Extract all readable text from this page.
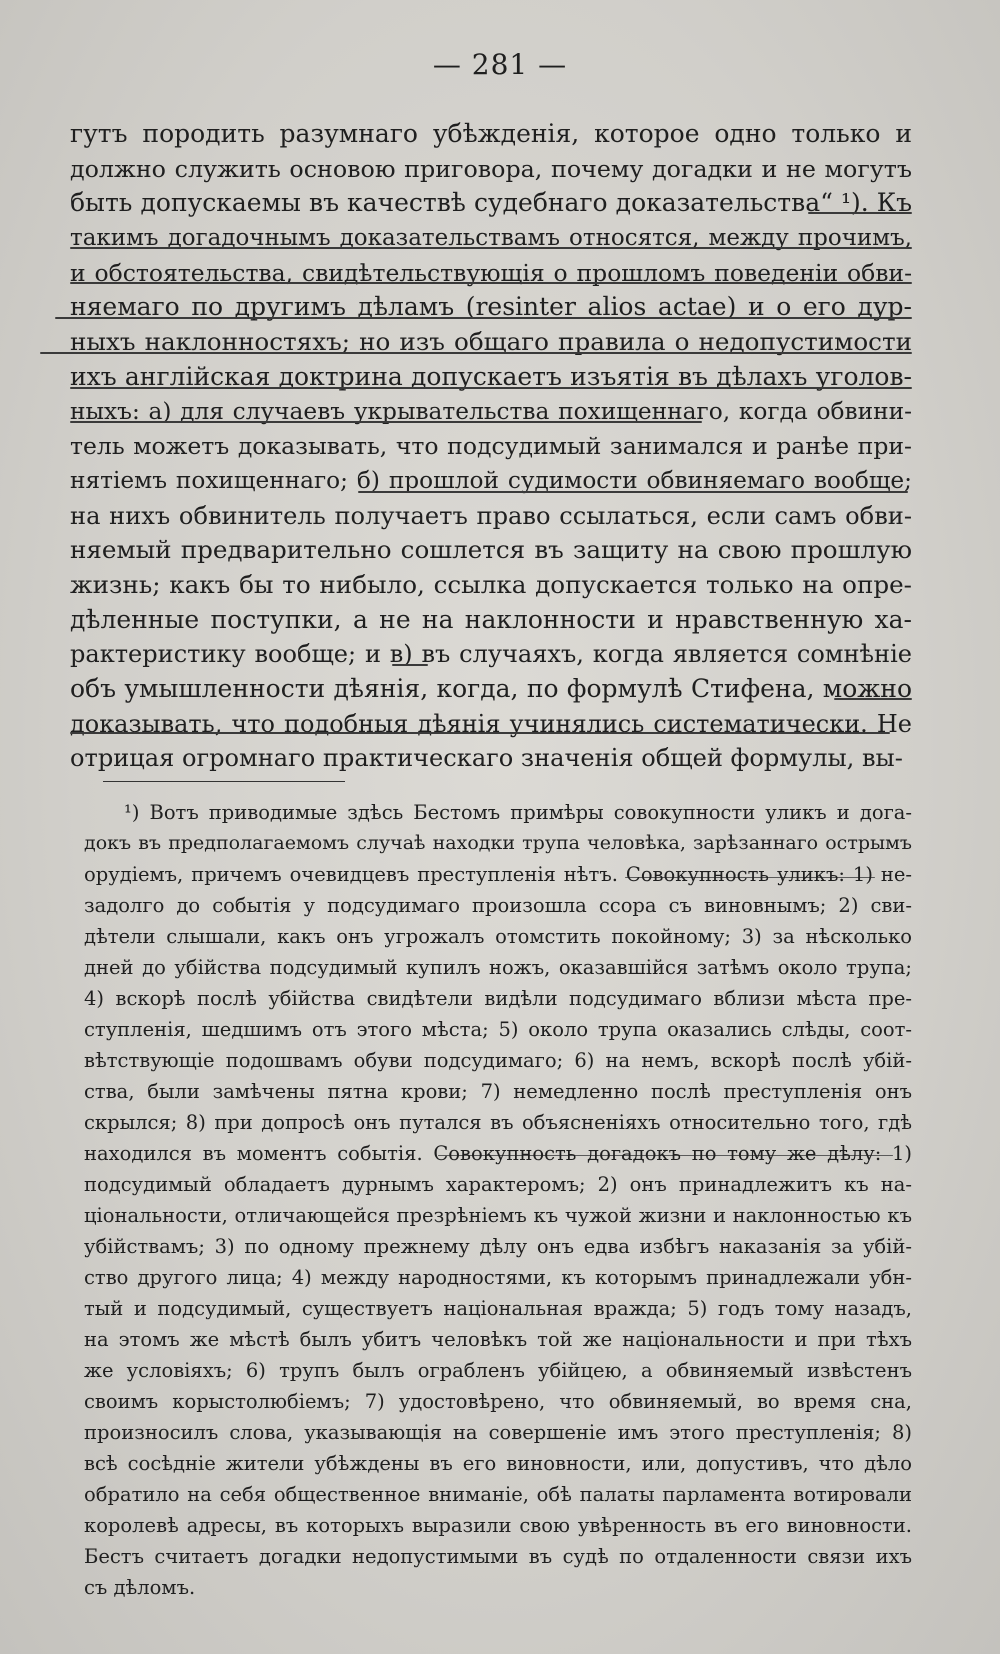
— 281 —
гутъ породить разумнаго убѣжденія, которое одно только и
должно служить основою приговора, почему догадки и не могутъ
быть допускаемы въ качествѣ судебнаго доказательства“ ¹). Къ
такимъ догадочнымъ доказательствамъ относятся, между прочимъ,
и обстоятельства, свидѣтельствующія о прошломъ поведеніи обви-
няемаго по другимъ дѣламъ (resinter alios actae) и о его дур-
ныхъ наклонностяхъ; но изъ общаго правила о недопустимости
ихъ англійская доктрина допускаетъ изъятія въ дѣлахъ уголов-
ныхъ: а) для случаевъ укрывательства похищеннаго, когда обвини-
тель можетъ доказывать, что подсудимый занимался и ранѣе при-
нятіемъ похищеннаго; б) прошлой судимости обвиняемаго вообще;
на нихъ обвинитель получаетъ право ссылаться, если самъ обви-
няемый предварительно сошлется въ защиту на свою прошлую
жизнь; какъ бы то нибыло, ссылка допускается только на опре-
дѣленные поступки, а не на наклонности и нравственную ха-
рактеристику вообще; и в) въ случаяхъ, когда является сомнѣніе
объ умышленности дѣянія, когда, по формулѣ Стифена, можно
доказывать, что подобныя дѣянія учинялись систематически. Не
отрицая огромнаго практическаго значенія общей формулы, вы-
¹) Вотъ приводимые здѣсь Бестомъ примѣры совокупности уликъ и дога-
докъ въ предполагаемомъ случаѣ находки трупа человѣка, зарѣзаннаго острымъ
орудіемъ, причемъ очевидцевъ преступленія нѣтъ. Совокупность уликъ: 1) не-
задолго до событія у подсудимаго произошла ссора съ виновнымъ; 2) сви-
дѣтели слышали, какъ онъ угрожалъ отомстить покойному; 3) за нѣсколько
дней до убійства подсудимый купилъ ножъ, оказавшійся затѣмъ около трупа;
4) вскорѣ послѣ убійства свидѣтели видѣли подсудимаго вблизи мѣста пре-
ступленія, шедшимъ отъ этого мѣста; 5) около трупа оказались слѣды, соот-
вѣтствующіе подошвамъ обуви подсудимаго; 6) на немъ, вскорѣ послѣ убій-
ства, были замѣчены пятна крови; 7) немедленно послѣ преступленія онъ
скрылся; 8) при допросѣ онъ путался въ объясненіяхъ относительно того, гдѣ
находился въ моментъ событія. Совокупность догадокъ по тому же дѣлу: 1)
подсудимый обладаетъ дурнымъ характеромъ; 2) онъ принадлежитъ къ на-
ціональности, отличающейся презрѣніемъ къ чужой жизни и наклонностью къ
убійствамъ; 3) по одному прежнему дѣлу онъ едва избѣгъ наказанія за убій-
ство другого лица; 4) между народностями, къ которымъ принадлежали убн-
тый и подсудимый, существуетъ національная вражда; 5) годъ тому назадъ,
на этомъ же мѣстѣ былъ убитъ человѣкъ той же національности и при тѣхъ
же условіяхъ; 6) трупъ былъ ограбленъ убійцею, а обвиняемый извѣстенъ
своимъ корыстолюбіемъ; 7) удостовѣрено, что обвиняемый, во время сна,
произносилъ слова, указывающія на совершеніе имъ этого преступленія; 8)
всѣ сосѣдніе жители убѣждены въ его виновности, или, допустивъ, что дѣло
обратило на себя общественное вниманіе, обѣ палаты парламента вотировали
королевѣ адресы, въ которыхъ выразили свою увѣренность въ его виновности.
Бестъ считаетъ догадки недопустимыми въ судѣ по отдаленности связи ихъ
съ дѣломъ.
